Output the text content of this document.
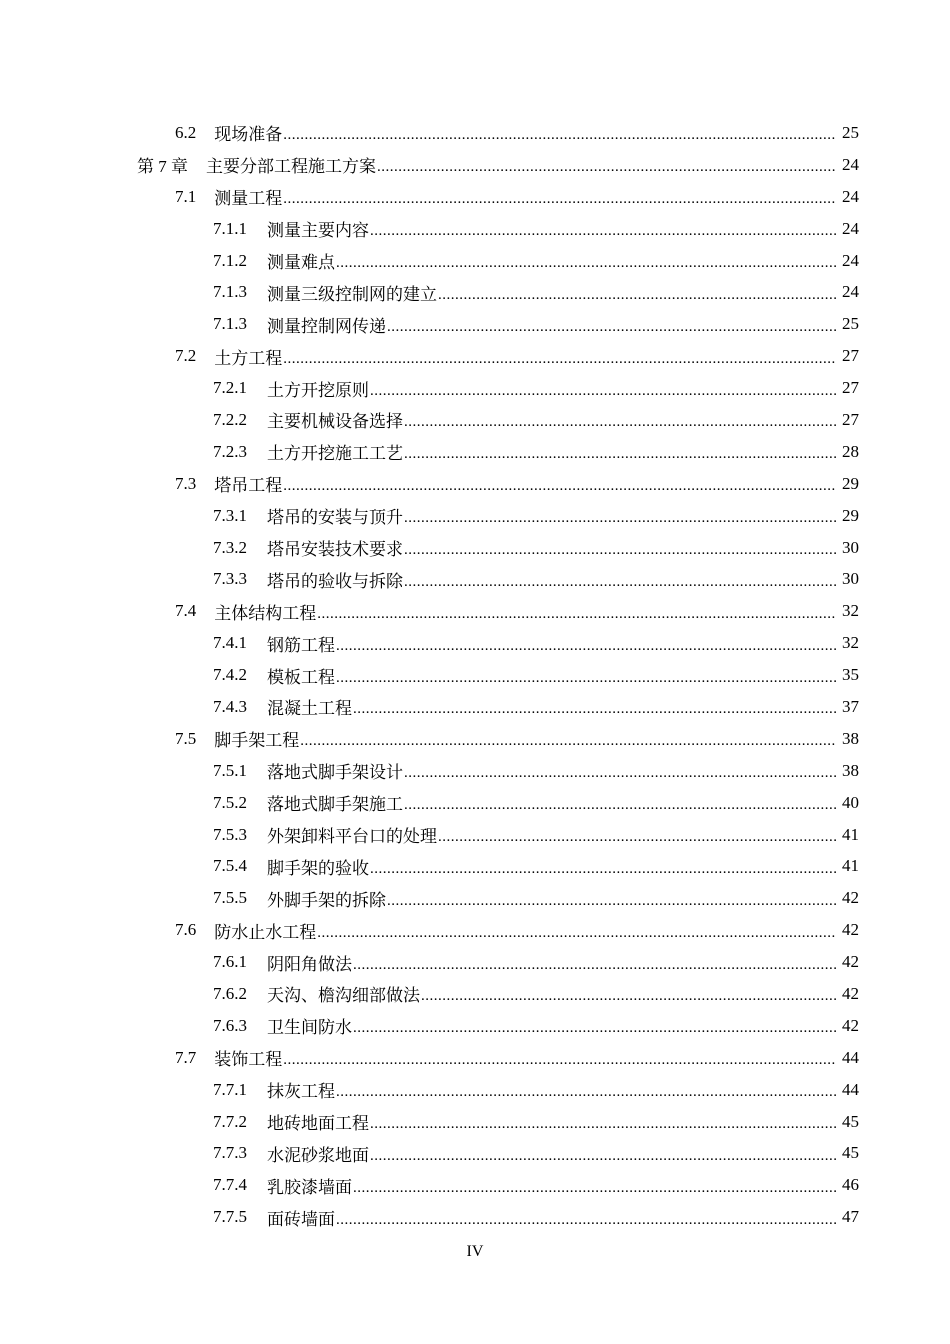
6.2 现场准备 .....	25
第 7 章 主要分部工程施工方案 .....	24
7.1 测量工程 .....	24
7.1.1 测量主要内容 .....	24
7.1.2 测量难点 .....	24
7.1.3 测量三级控制网的建立 .....	24
7.1.3 测量控制网传递 .....	25
7.2 土方工程 .....	27
7.2.1 土方开挖原则 .....	27
7.2.2 主要机械设备选择 .....	27
7.2.3 土方开挖施工工艺 .....	28
7.3 塔吊工程 .....	29
7.3.1 塔吊的安装与顶升 .....	29
7.3.2 塔吊安装技术要求 .....	30
7.3.3 塔吊的验收与拆除 .....	30
7.4 主体结构工程 .....	32
7.4.1 钢筋工程 .....	32
7.4.2 模板工程 .....	35
7.4.3 混凝土工程 .....	37
7.5 脚手架工程 .....	38
7.5.1 落地式脚手架设计 .....	38
7.5.2 落地式脚手架施工 .....	40
7.5.3 外架卸料平台口的处理 .....	41
7.5.4 脚手架的验收 .....	41
7.5.5 外脚手架的拆除 .....	42
7.6 防水止水工程 .....	42
7.6.1 阴阳角做法 .....	42
7.6.2 天沟、檐沟细部做法 .....	42
7.6.3 卫生间防水 .....	42
7.7 装饰工程 .....	44
7.7.1 抹灰工程 .....	44
7.7.2 地砖地面工程 .....	45
7.7.3 水泥砂浆地面 .....	45
7.7.4 乳胶漆墙面 .....	46
7.7.5 面砖墙面 .....	47
IV
